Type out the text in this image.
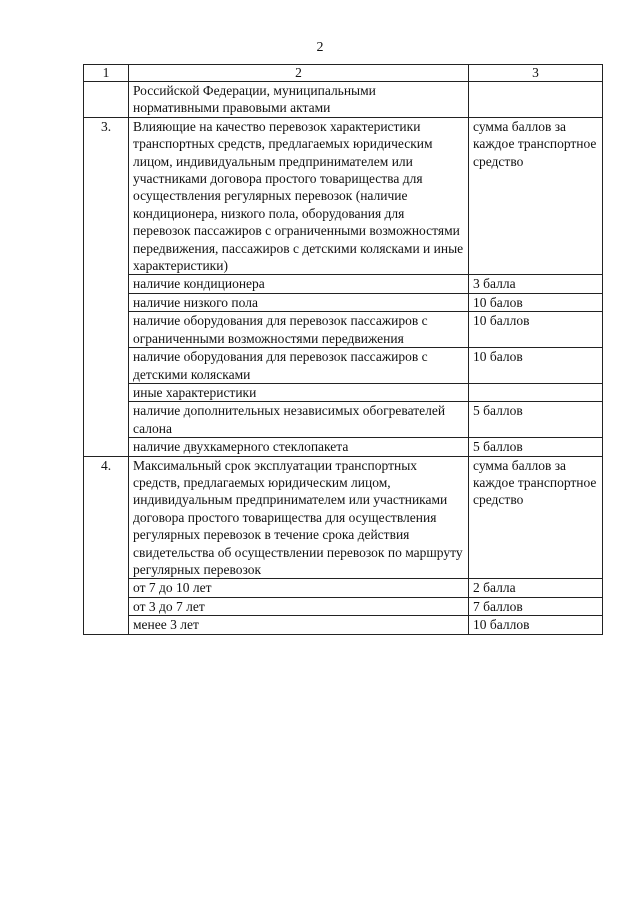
2
1	2	3
	Российской Федерации, муниципальными нормативными правовыми актами	
3.	Влияющие на качество перевозок характеристики транспортных средств, предлагаемых юридическим лицом, индивидуальным предпринимателем или участниками договора простого товарищества для осуществления регулярных перевозок (наличие кондиционера, низкого пола, оборудования для перевозок пассажиров с ограниченными возможностями передвижения, пассажиров с детскими колясками и иные характеристики)	сумма баллов за каждое транспортное средство
	наличие кондиционера	3 балла
	наличие низкого пола	10 балов
	наличие оборудования для перевозок пассажиров с ограниченными возможностями передвижения	10 баллов
	наличие оборудования для перевозок пассажиров с детскими колясками	10 балов
	иные характеристики	
	наличие дополнительных независимых обогревателей салона	5 баллов
	наличие двухкамерного стеклопакета	5 баллов
4.	Максимальный срок эксплуатации транспортных средств, предлагаемых юридическим лицом, индивидуальным предпринимателем или участниками договора простого товарищества для осуществления регулярных перевозок в течение срока действия свидетельства об осуществлении перевозок по маршруту регулярных перевозок	сумма баллов за каждое транспортное средство
	от 7 до 10 лет	2 балла
	от 3 до 7 лет	7 баллов
	менее 3 лет	10 баллов
